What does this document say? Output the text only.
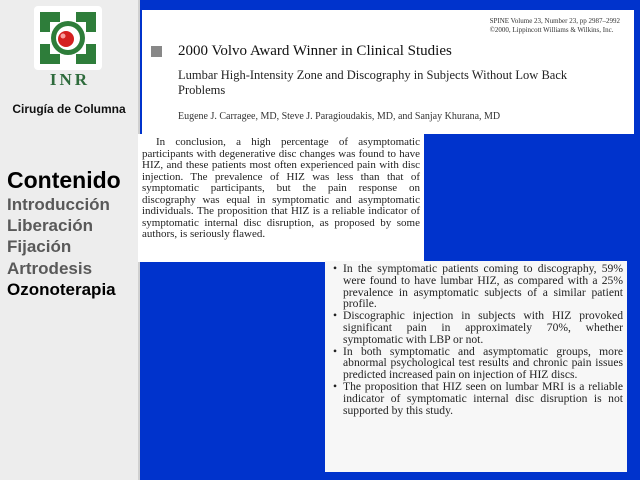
INR
Cirugía de Columna
Contenido
Introducción
Liberación
Fijación
Artrodesis
Ozonoterapia
SPINE Volume 23, Number 23, pp 2987–2992
©2000, Lippincott Williams & Wilkins, Inc.
2000 Volvo Award Winner in Clinical Studies
Lumbar High-Intensity Zone and Discography in Subjects Without Low Back Problems
Eugene J. Carragee, MD, Steve J. Paragioudakis, MD, and Sanjay Khurana, MD
In conclusion, a high percentage of asymptomatic participants with degenerative disc changes was found to have HIZ, and these patients most often experienced pain with disc injection. The prevalence of HIZ was less than that of symptomatic participants, but the pain response on discography was equal in symptomatic and asymptomatic individuals. The proposition that HIZ is a reliable indicator of symptomatic internal disc disruption, as proposed by some authors, is seriously flawed.
• In the symptomatic patients coming to discography, 59% were found to have lumbar HIZ, as compared with a 25% prevalence in asymptomatic subjects of a similar patient profile.
• Discographic injection in subjects with HIZ provoked significant pain in approximately 70%, whether symptomatic with LBP or not.
• In both symptomatic and asymptomatic groups, more abnormal psychological test results and chronic pain issues predicted increased pain on injection of HIZ discs.
• The proposition that HIZ seen on lumbar MRI is a reliable indicator of symptomatic internal disc disruption is not supported by this study.
